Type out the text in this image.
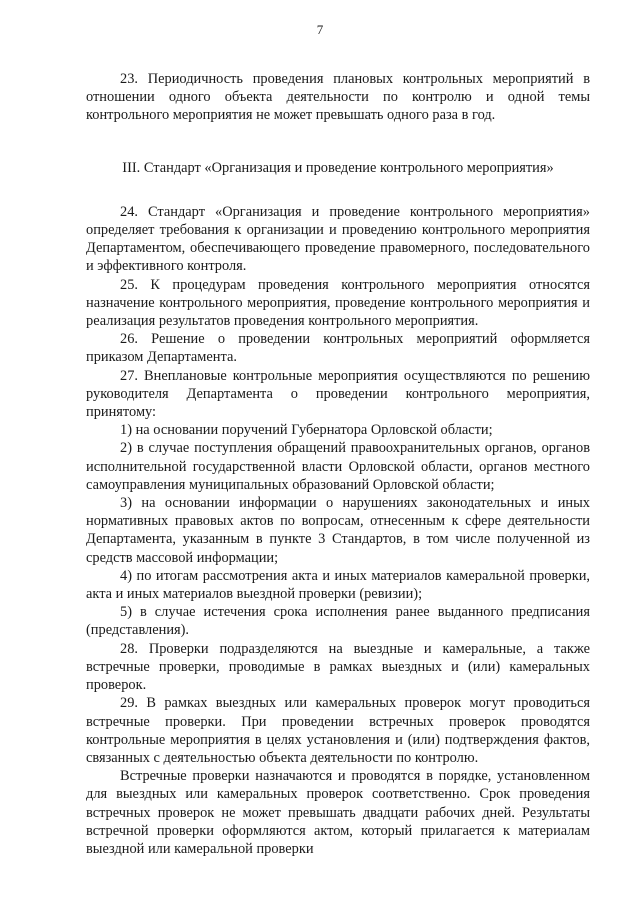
7

23. Периодичность проведения плановых контрольных мероприятий в отношении одного объекта деятельности по контролю и одной темы контрольного мероприятия не может превышать одного раза в год.

III. Стандарт «Организация и проведение контрольного мероприятия»

24. Стандарт «Организация и проведение контрольного мероприятия» определяет требования к организации и проведению контрольного мероприятия Департаментом, обеспечивающего проведение правомерного, последовательного и эффективного контроля.

25. К процедурам проведения контрольного мероприятия относятся назначение контрольного мероприятия, проведение контрольного мероприятия и реализация результатов проведения контрольного мероприятия.

26. Решение о проведении контрольных мероприятий оформляется приказом Департамента.

27. Внеплановые контрольные мероприятия осуществляются по решению руководителя Департамента о проведении контрольного мероприятия, принятому:

1) на основании поручений Губернатора Орловской области;

2) в случае поступления обращений правоохранительных органов, органов исполнительной государственной власти Орловской области, органов местного самоуправления муниципальных образований Орловской области;

3) на основании информации о нарушениях законодательных и иных нормативных правовых актов по вопросам, отнесенным к сфере деятельности Департамента, указанным в пункте 3 Стандартов, в том числе полученной из средств массовой информации;

4) по итогам рассмотрения акта и иных материалов камеральной проверки, акта и иных материалов выездной проверки (ревизии);

5) в случае истечения срока исполнения ранее выданного предписания (представления).

28. Проверки подразделяются на выездные и камеральные, а также встречные проверки, проводимые в рамках выездных и (или) камеральных проверок.

29. В рамках выездных или камеральных проверок могут проводиться встречные проверки. При проведении встречных проверок проводятся контрольные мероприятия в целях установления и (или) подтверждения фактов, связанных с деятельностью объекта деятельности по контролю.

Встречные проверки назначаются и проводятся в порядке, установленном для выездных или камеральных проверок соответственно. Срок проведения встречных проверок не может превышать двадцати рабочих дней. Результаты встречной проверки оформляются актом, который прилагается к материалам выездной или камеральной проверки
